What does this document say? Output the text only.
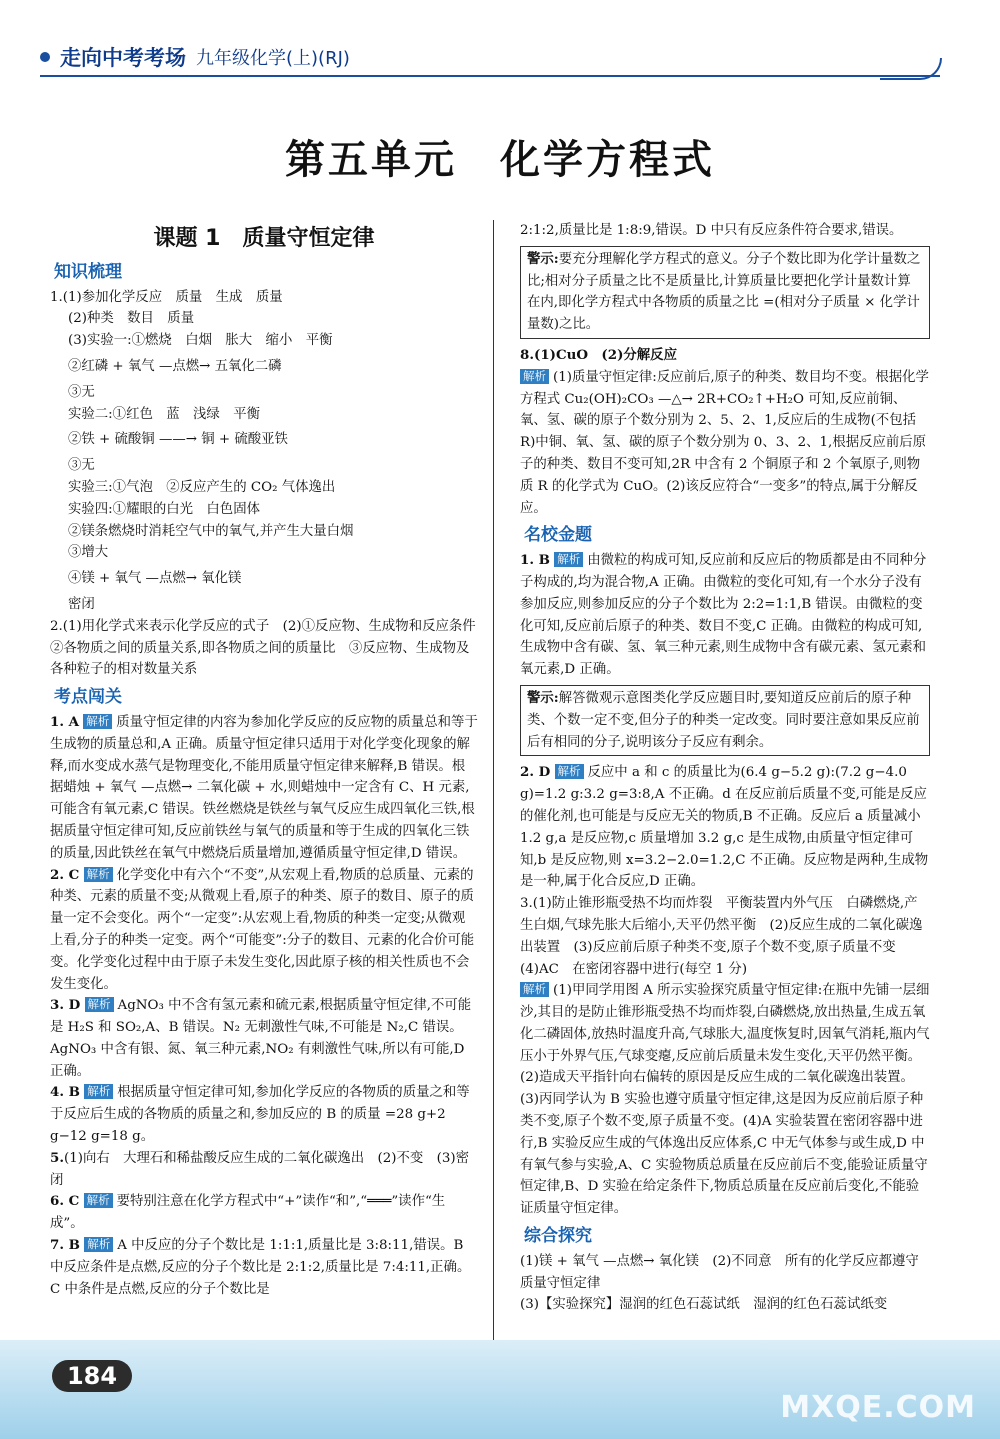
走向中考考场 九年级化学(上)(RJ)
第五单元　化学方程式
课题 1　质量守恒定律
知识梳理

1.(1)参加化学反应　质量　生成　质量

(2)种类　数目　质量

(3)实验一:①燃烧　白烟　胀大　缩小　平衡

②红磷 + 氧气 —点燃→ 五氧化二磷

③无

实验二:①红色　蓝　浅绿　平衡

②铁 + 硫酸铜 ——→ 铜 + 硫酸亚铁

③无

实验三:①气泡　②反应产生的 CO₂ 气体逸出

实验四:①耀眼的白光　白色固体

②镁条燃烧时消耗空气中的氧气,并产生大量白烟

③增大

④镁 + 氧气 —点燃→ 氧化镁

密闭

2.(1)用化学式来表示化学反应的式子　(2)①反应物、生成物和反应条件　②各物质之间的质量关系,即各物质之间的质量比　③反应物、生成物及各种粒子的相对数量关系

考点闯关

1. A 解析 质量守恒定律的内容为参加化学反应的反应物的质量总和等于生成物的质量总和,A 正确。质量守恒定律只适用于对化学变化现象的解释,而水变成水蒸气是物理变化,不能用质量守恒定律来解释,B 错误。根据蜡烛 + 氧气 —点燃→ 二氧化碳 + 水,则蜡烛中一定含有 C、H 元素,可能含有氧元素,C 错误。铁丝燃烧是铁丝与氧气反应生成四氧化三铁,根据质量守恒定律可知,反应前铁丝与氧气的质量和等于生成的四氧化三铁的质量,因此铁丝在氧气中燃烧后质量增加,遵循质量守恒定律,D 错误。

2. C 解析 化学变化中有六个“不变”,从宏观上看,物质的总质量、元素的种类、元素的质量不变;从微观上看,原子的种类、原子的数目、原子的质量一定不会变化。两个“一定变”:从宏观上看,物质的种类一定变;从微观上看,分子的种类一定变。两个“可能变”:分子的数目、元素的化合价可能变。化学变化过程中由于原子未发生变化,因此原子核的相关性质也不会发生变化。

3. D 解析 AgNO₃ 中不含有氢元素和硫元素,根据质量守恒定律,不可能是 H₂S 和 SO₂,A、B 错误。N₂ 无刺激性气味,不可能是 N₂,C 错误。AgNO₃ 中含有银、氮、氧三种元素,NO₂ 有刺激性气味,所以有可能,D 正确。

4. B 解析 根据质量守恒定律可知,参加化学反应的各物质的质量之和等于反应后生成的各物质的质量之和,参加反应的 B 的质量 =28 g+2 g−12 g=18 g。

5.(1)向右　大理石和稀盐酸反应生成的二氧化碳逸出　(2)不变　(3)密闭

6. C 解析 要特别注意在化学方程式中“+”读作“和”,“═══”读作“生成”。

7. B 解析 A 中反应的分子个数比是 1:1:1,质量比是 3:8:11,错误。B 中反应条件是点燃,反应的分子个数比是 2:1:2,质量比是 7:4:11,正确。C 中条件是点燃,反应的分子个数比是

2:1:2,质量比是 1:8:9,错误。D 中只有反应条件符合要求,错误。

警示:要充分理解化学方程式的意义。分子个数比即为化学计量数之比;相对分子质量之比不是质量比,计算质量比要把化学计量数计算在内,即化学方程式中各物质的质量之比 =(相对分子质量 × 化学计量数)之比。

8.(1)CuO　(2)分解反应

解析 (1)质量守恒定律:反应前后,原子的种类、数目均不变。根据化学方程式 Cu₂(OH)₂CO₃ —△→ 2R+CO₂↑+H₂O 可知,反应前铜、氧、氢、碳的原子个数分别为 2、5、2、1,反应后的生成物(不包括 R)中铜、氧、氢、碳的原子个数分别为 0、3、2、1,根据反应前后原子的种类、数目不变可知,2R 中含有 2 个铜原子和 2 个氧原子,则物质 R 的化学式为 CuO。(2)该反应符合“一变多”的特点,属于分解反应。

名校金题

1. B 解析 由微粒的构成可知,反应前和反应后的物质都是由不同种分子构成的,均为混合物,A 正确。由微粒的变化可知,有一个水分子没有参加反应,则参加反应的分子个数比为 2:2=1:1,B 错误。由微粒的变化可知,反应前后原子的种类、数目不变,C 正确。由微粒的构成可知,生成物中含有碳、氢、氧三种元素,则生成物中含有碳元素、氢元素和氧元素,D 正确。

警示:解答微观示意图类化学反应题目时,要知道反应前后的原子种类、个数一定不变,但分子的种类一定改变。同时要注意如果反应前后有相同的分子,说明该分子反应有剩余。

2. D 解析 反应中 a 和 c 的质量比为(6.4 g−5.2 g):(7.2 g−4.0 g)=1.2 g:3.2 g=3:8,A 不正确。d 在反应前后质量不变,可能是反应的催化剂,也可能是与反应无关的物质,B 不正确。反应后 a 质量减小 1.2 g,a 是反应物,c 质量增加 3.2 g,c 是生成物,由质量守恒定律可知,b 是反应物,则 x=3.2−2.0=1.2,C 不正确。反应物是两种,生成物是一种,属于化合反应,D 正确。

3.(1)防止锥形瓶受热不均而炸裂　平衡装置内外气压　白磷燃烧,产生白烟,气球先胀大后缩小,天平仍然平衡　(2)反应生成的二氧化碳逸出装置　(3)反应前后原子种类不变,原子个数不变,原子质量不变　(4)AC　在密闭容器中进行(每空 1 分)

解析 (1)甲同学用图 A 所示实验探究质量守恒定律:在瓶中先铺一层细沙,其目的是防止锥形瓶受热不均而炸裂,白磷燃烧,放出热量,生成五氧化二磷固体,放热时温度升高,气球胀大,温度恢复时,因氧气消耗,瓶内气压小于外界气压,气球变瘪,反应前后质量未发生变化,天平仍然平衡。(2)造成天平指针向右偏转的原因是反应生成的二氧化碳逸出装置。(3)丙同学认为 B 实验也遵守质量守恒定律,这是因为反应前后原子种类不变,原子个数不变,原子质量不变。(4)A 实验装置在密闭容器中进行,B 实验反应生成的气体逸出反应体系,C 中无气体参与或生成,D 中有氧气参与实验,A、C 实验物质总质量在反应前后不变,能验证质量守恒定律,B、D 实验在给定条件下,物质总质量在反应前后变化,不能验证质量守恒定律。

综合探究

(1)镁 + 氧气 —点燃→ 氧化镁　(2)不同意　所有的化学反应都遵守质量守恒定律

(3)【实验探究】湿润的红色石蕊试纸　湿润的红色石蕊试纸变

184
MXQE.COM
